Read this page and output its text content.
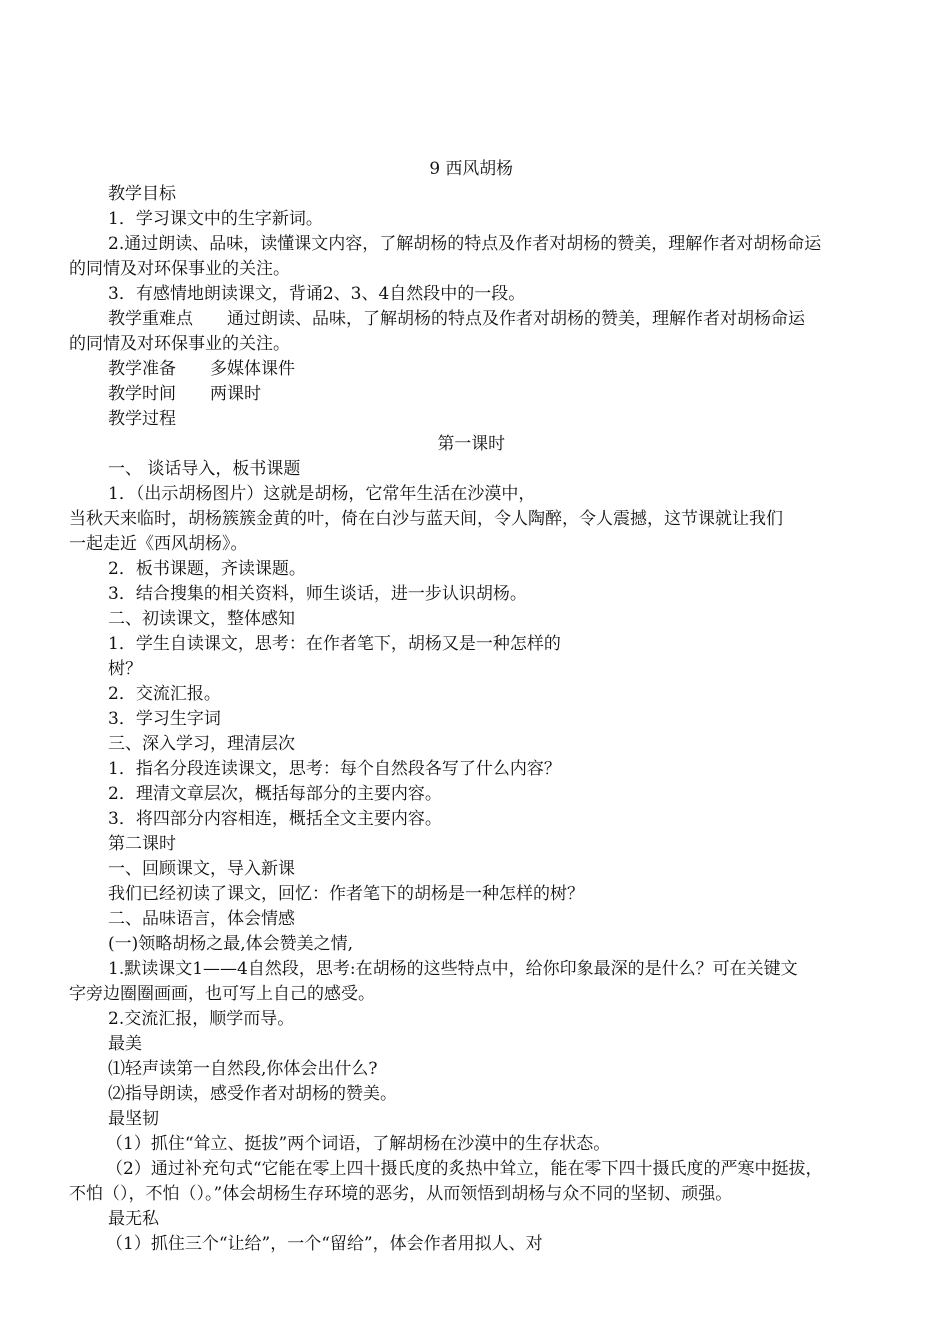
9 西风胡杨
教学目标
1．学习课文中的生字新词。
2.通过朗读、品味，读懂课文内容，了解胡杨的特点及作者对胡杨的赞美，理解作者对胡杨命运
的同情及对环保事业的关注。
3．有感情地朗读课文，背诵2、3、4自然段中的一段。
教学重难点　　通过朗读、品味，了解胡杨的特点及作者对胡杨的赞美，理解作者对胡杨命运
的同情及对环保事业的关注。
教学准备　　多媒体课件
教学时间　　两课时
教学过程
第一课时
一、 谈话导入，板书课题
1．（出示胡杨图片）这就是胡杨，它常年生活在沙漠中，
当秋天来临时，胡杨簇簇金黄的叶，倚在白沙与蓝天间，令人陶醉，令人震撼，这节课就让我们
一起走近《西风胡杨》。
2．板书课题，齐读课题。
3．结合搜集的相关资料，师生谈话，进一步认识胡杨。
二、初读课文，整体感知
1．学生自读课文，思考：在作者笔下，胡杨又是一种怎样的
树？
2．交流汇报。
3．学习生字词
三、深入学习，理清层次
1．指名分段连读课文，思考：每个自然段各写了什么内容？
2．理清文章层次，概括每部分的主要内容。
3．将四部分内容相连，概括全文主要内容。
第二课时
一、回顾课文，导入新课
我们已经初读了课文，回忆：作者笔下的胡杨是一种怎样的树？
二、品味语言，体会情感
(一)领略胡杨之最,体会赞美之情,
1.默读课文1——4自然段，思考:在胡杨的这些特点中，给你印象最深的是什么？可在关键文
字旁边圈圈画画，也可写上自己的感受。
2.交流汇报，顺学而导。
最美
⑴轻声读第一自然段,你体会出什么?
⑵指导朗读，感受作者对胡杨的赞美。
最坚韧
（1）抓住“耸立、挺拔”两个词语，了解胡杨在沙漠中的生存状态。
（2）通过补充句式“它能在零上四十摄氏度的炙热中耸立，能在零下四十摄氏度的严寒中挺拔，
不怕（），不怕（）。”体会胡杨生存环境的恶劣，从而领悟到胡杨与众不同的坚韧、顽强。
最无私
（1）抓住三个“让给”，一个“留给”，体会作者用拟人、对
